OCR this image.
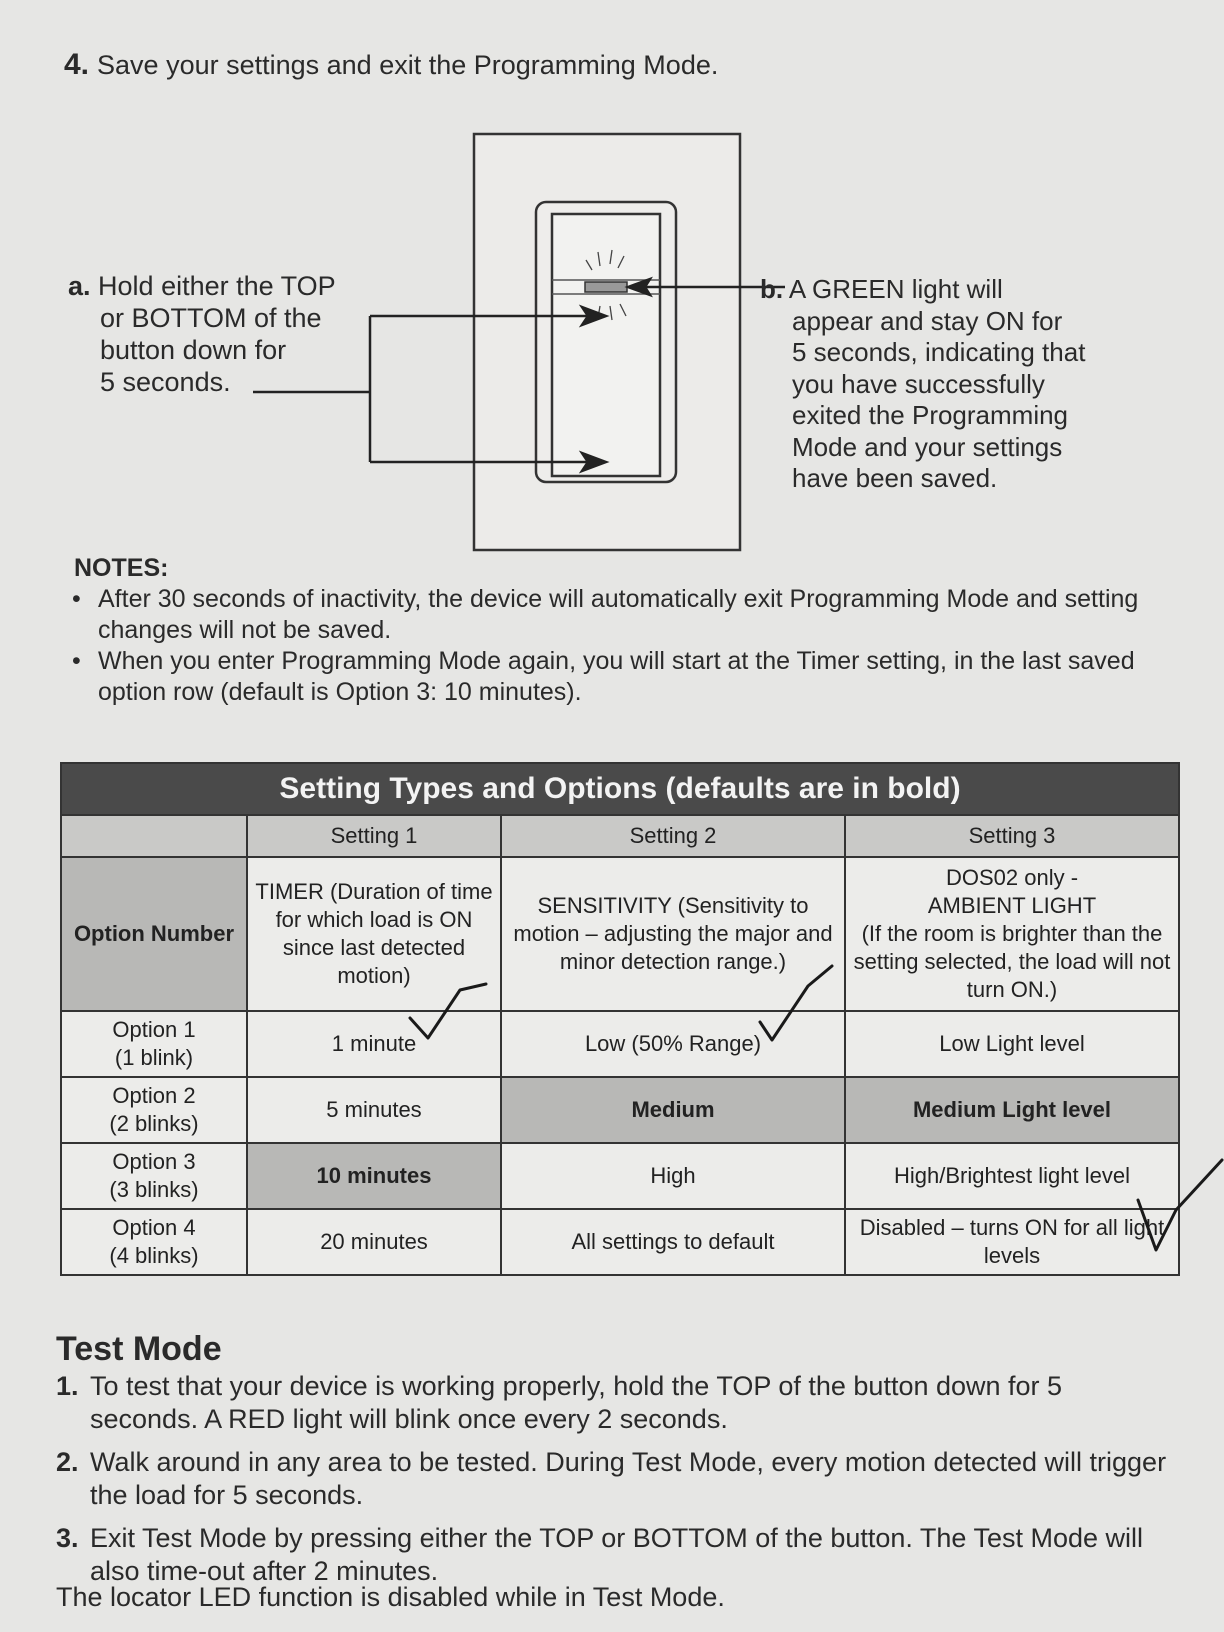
4. Save your settings and exit the Programming Mode.
a. Hold either the TOP
or BOTTOM of the
button down for
5 seconds.
b. A GREEN light will
appear and stay ON for
5 seconds, indicating that
you have successfully
exited the Programming
Mode and your settings
have been saved.
NOTES:
• After 30 seconds of inactivity, the device will automatically exit Programming Mode and setting changes will not be saved.
• When you enter Programming Mode again, you will start at the Timer setting, in the last saved option row (default is Option 3: 10 minutes).
Setting Types and Options (defaults are in bold)			
	Setting 1	Setting 2	Setting 3
Option Number	TIMER (Duration of time for which load is ON since last detected motion)	SENSITIVITY (Sensitivity to motion – adjusting the major and minor detection range.)	DOS02 only -
AMBIENT LIGHT
(If the room is brighter than the setting selected, the load will not turn ON.)

Option 1
(1 blink)	1 minute	Low (50% Range)	Low Light level

Option 2
(2 blinks)	5 minutes	Medium	Medium Light level

Option 3
(3 blinks)	10 minutes	High	High/Brightest light level

Option 4
(4 blinks)	20 minutes	All settings to default	Disabled – turns ON for all light levels
Test Mode
1. To test that your device is working properly, hold the TOP of the button down for 5 seconds. A RED light will blink once every 2 seconds.
2. Walk around in any area to be tested. During Test Mode, every motion detected will trigger the load for 5 seconds.
3. Exit Test Mode by pressing either the TOP or BOTTOM of the button. The Test Mode will also time-out after 2 minutes.
The locator LED function is disabled while in Test Mode.
